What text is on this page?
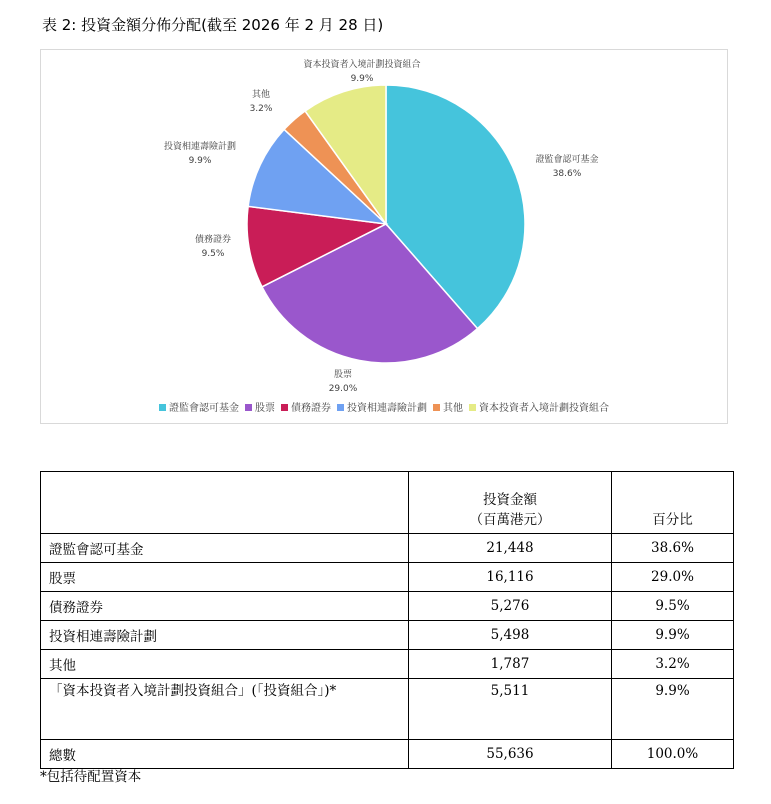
表 2: 投資金額分佈分配(截至 2026 年 2 月 28 日)
證監會認可基金
38.6%
股票
29.0%
債務證券
9.5%
投資相連壽險計劃
9.9%
其他
3.2%
資本投資者入境計劃投資組合
9.9%
證監會認可基金 股票 債務證券 投資相連壽險計劃 其他 資本投資者入境計劃投資組合

	投資金額
（百萬港元）	百分比
證監會認可基金	21,448	38.6%
股票	16,116	29.0%
債務證券	5,276	9.5%
投資相連壽險計劃	5,498	9.9%
其他	1,787	3.2%
「資本投資者入境計劃投資組合」(「投資組合」)*	5,511	9.9%
總數	55,636	100.0%
*包括待配置資本
